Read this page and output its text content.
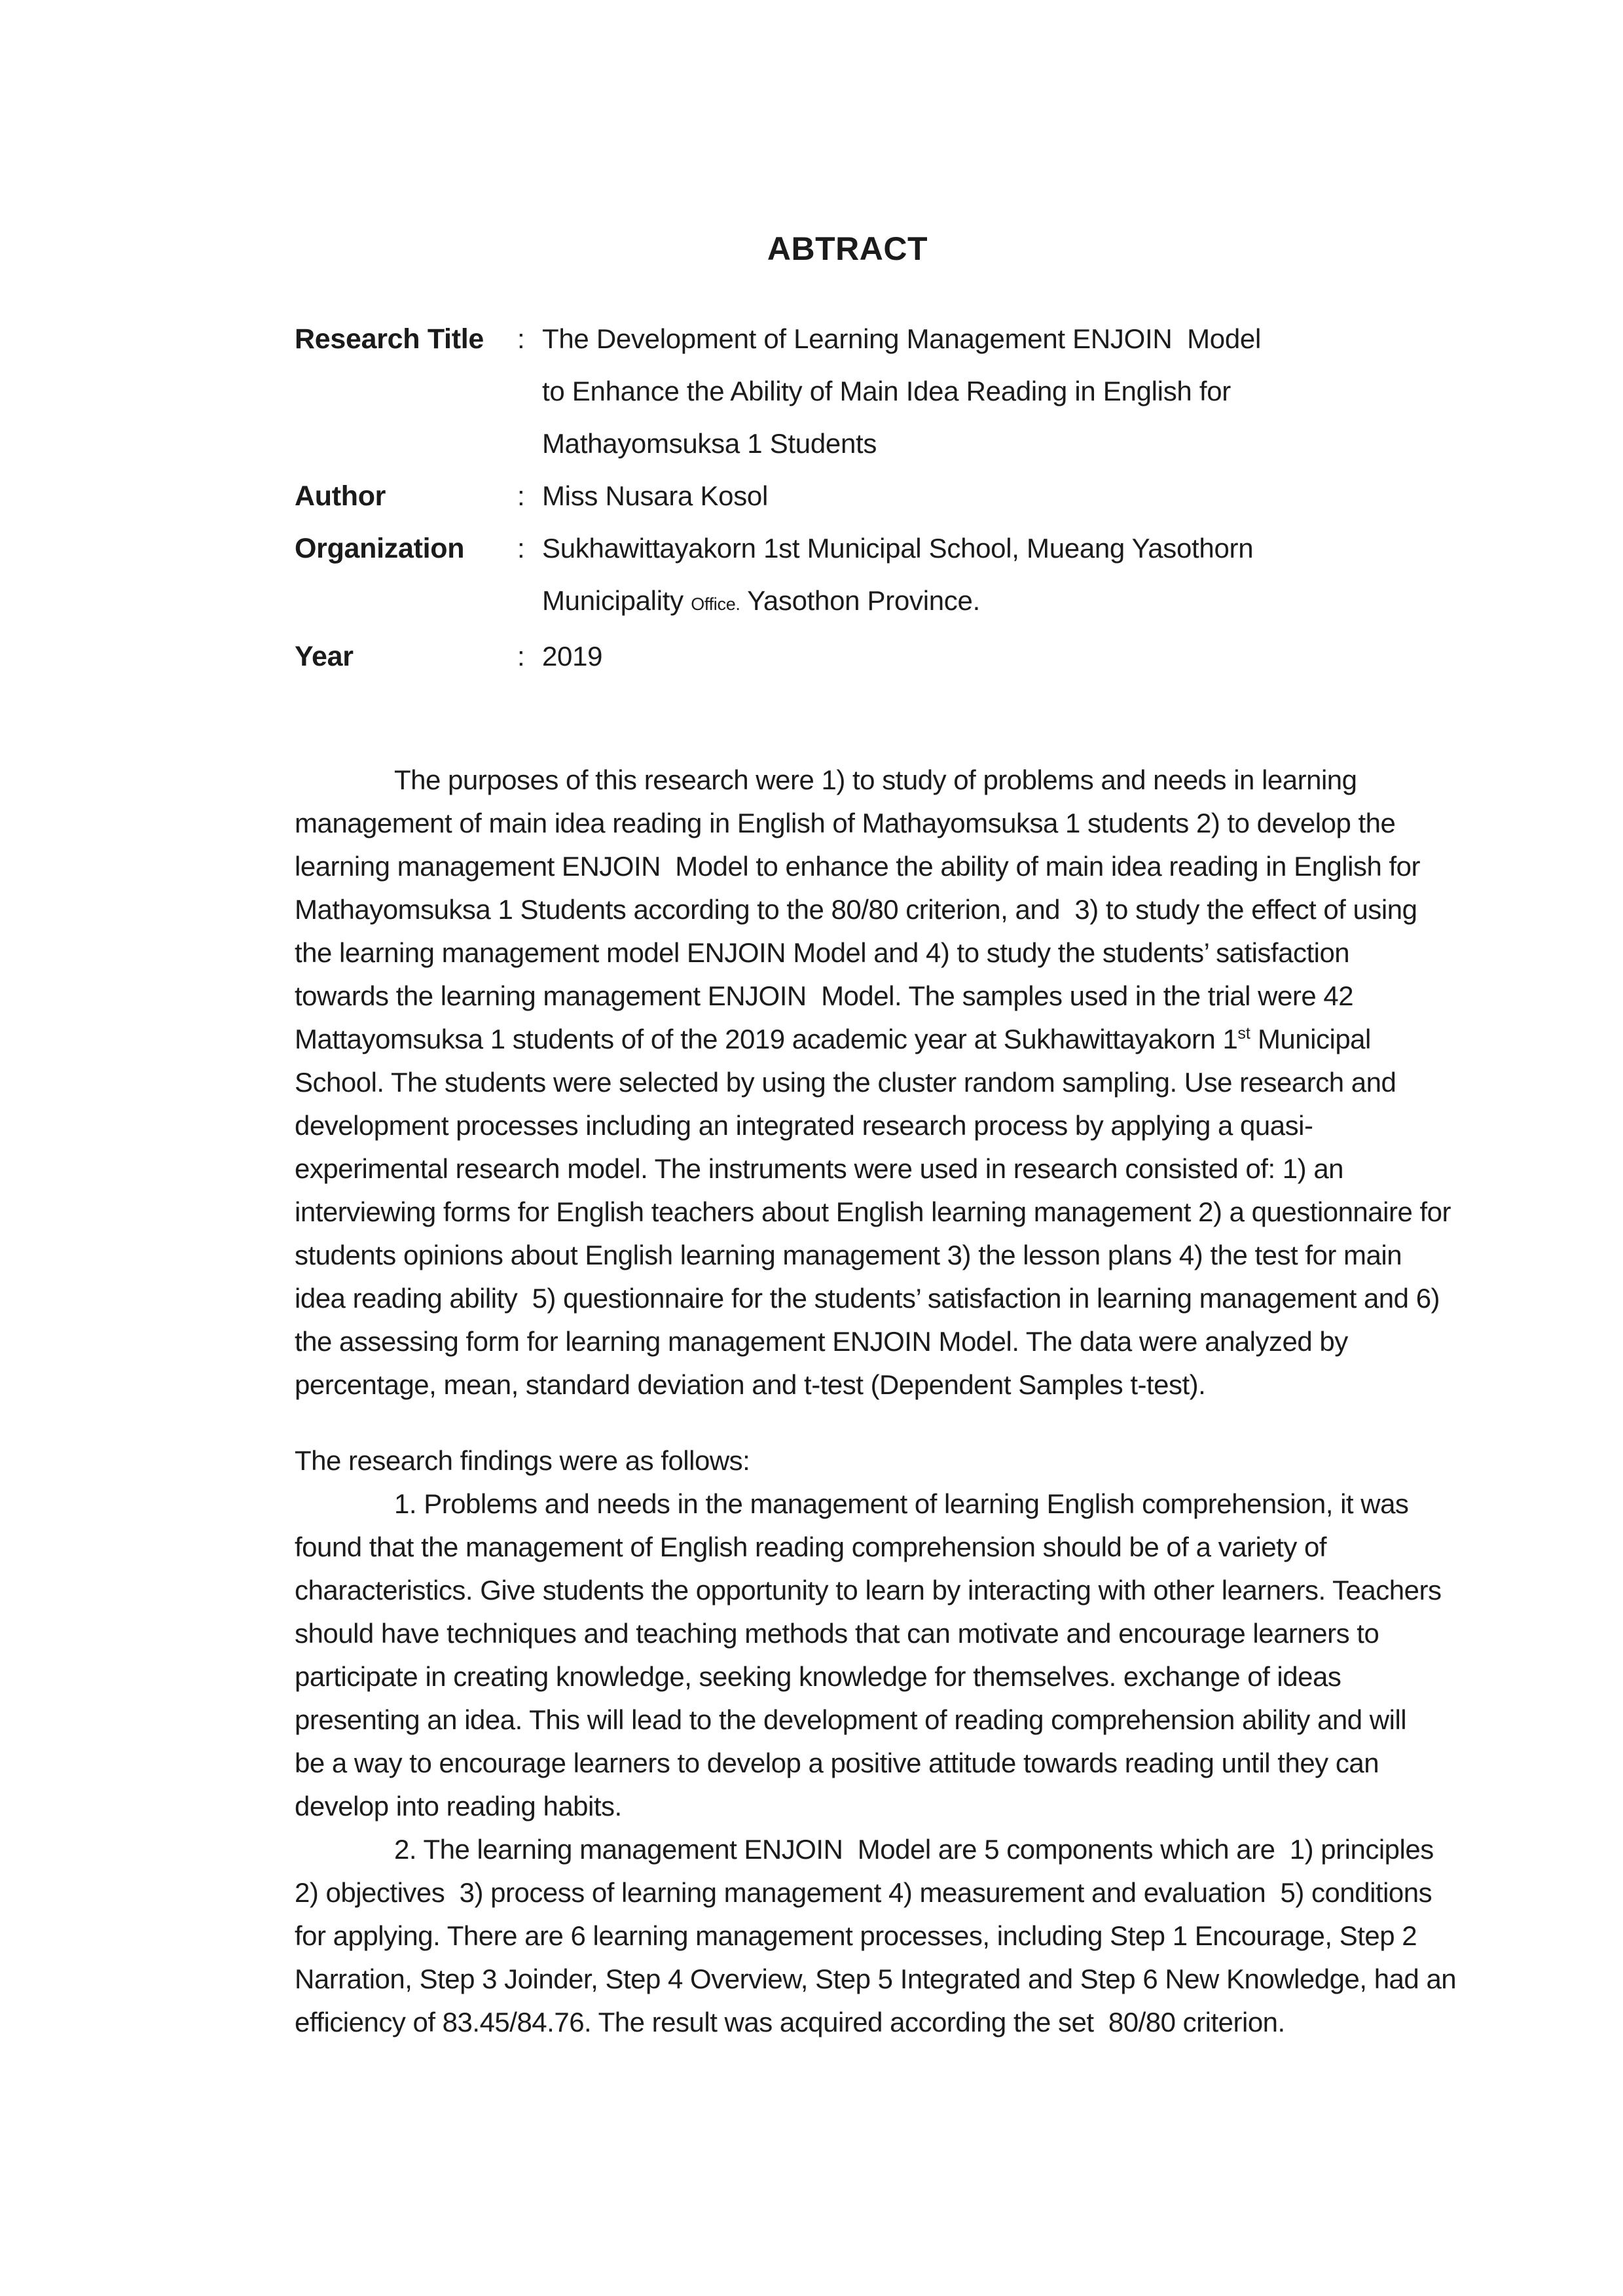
ABTRACT
Research Title	: The Development of Learning Management ENJOIN  Model
to Enhance the Ability of Main Idea Reading in English for
Mathayomsuksa 1 Students
Author	: Miss Nusara Kosol
Organization	: Sukhawittayakorn 1st Municipal School, Mueang Yasothorn
Municipality Office. Yasothon Province.
Year	: 2019
The purposes of this research were 1) to study of problems and needs in learning
management of main idea reading in English of Mathayomsuksa 1 students 2) to develop the
learning management ENJOIN  Model to enhance the ability of main idea reading in English for
Mathayomsuksa 1 Students according to the 80/80 criterion, and  3) to study the effect of using
the learning management model ENJOIN Model and 4) to study the students’ satisfaction
towards the learning management ENJOIN  Model. The samples used in the trial were 42
Mattayomsuksa 1 students of of the 2019 academic year at Sukhawittayakorn 1st Municipal
School. The students were selected by using the cluster random sampling. Use research and
development processes including an integrated research process by applying a quasi-
experimental research model. The instruments were used in research consisted of: 1) an
interviewing forms for English teachers about English learning management 2) a questionnaire for
students opinions about English learning management 3) the lesson plans 4) the test for main
idea reading ability  5) questionnaire for the students’ satisfaction in learning management and 6)
the assessing form for learning management ENJOIN Model. The data were analyzed by
percentage, mean, standard deviation and t-test (Dependent Samples t-test).
The research findings were as follows:
1. Problems and needs in the management of learning English comprehension, it was
found that the management of English reading comprehension should be of a variety of
characteristics. Give students the opportunity to learn by interacting with other learners. Teachers
should have techniques and teaching methods that can motivate and encourage learners to
participate in creating knowledge, seeking knowledge for themselves. exchange of ideas
presenting an idea. This will lead to the development of reading comprehension ability and will
be a way to encourage learners to develop a positive attitude towards reading until they can
develop into reading habits.
2. The learning management ENJOIN  Model are 5 components which are  1) principles
2) objectives  3) process of learning management 4) measurement and evaluation  5) conditions
for applying. There are 6 learning management processes, including Step 1 Encourage, Step 2
Narration, Step 3 Joinder, Step 4 Overview, Step 5 Integrated and Step 6 New Knowledge, had an
efficiency of 83.45/84.76. The result was acquired according the set  80/80 criterion.
